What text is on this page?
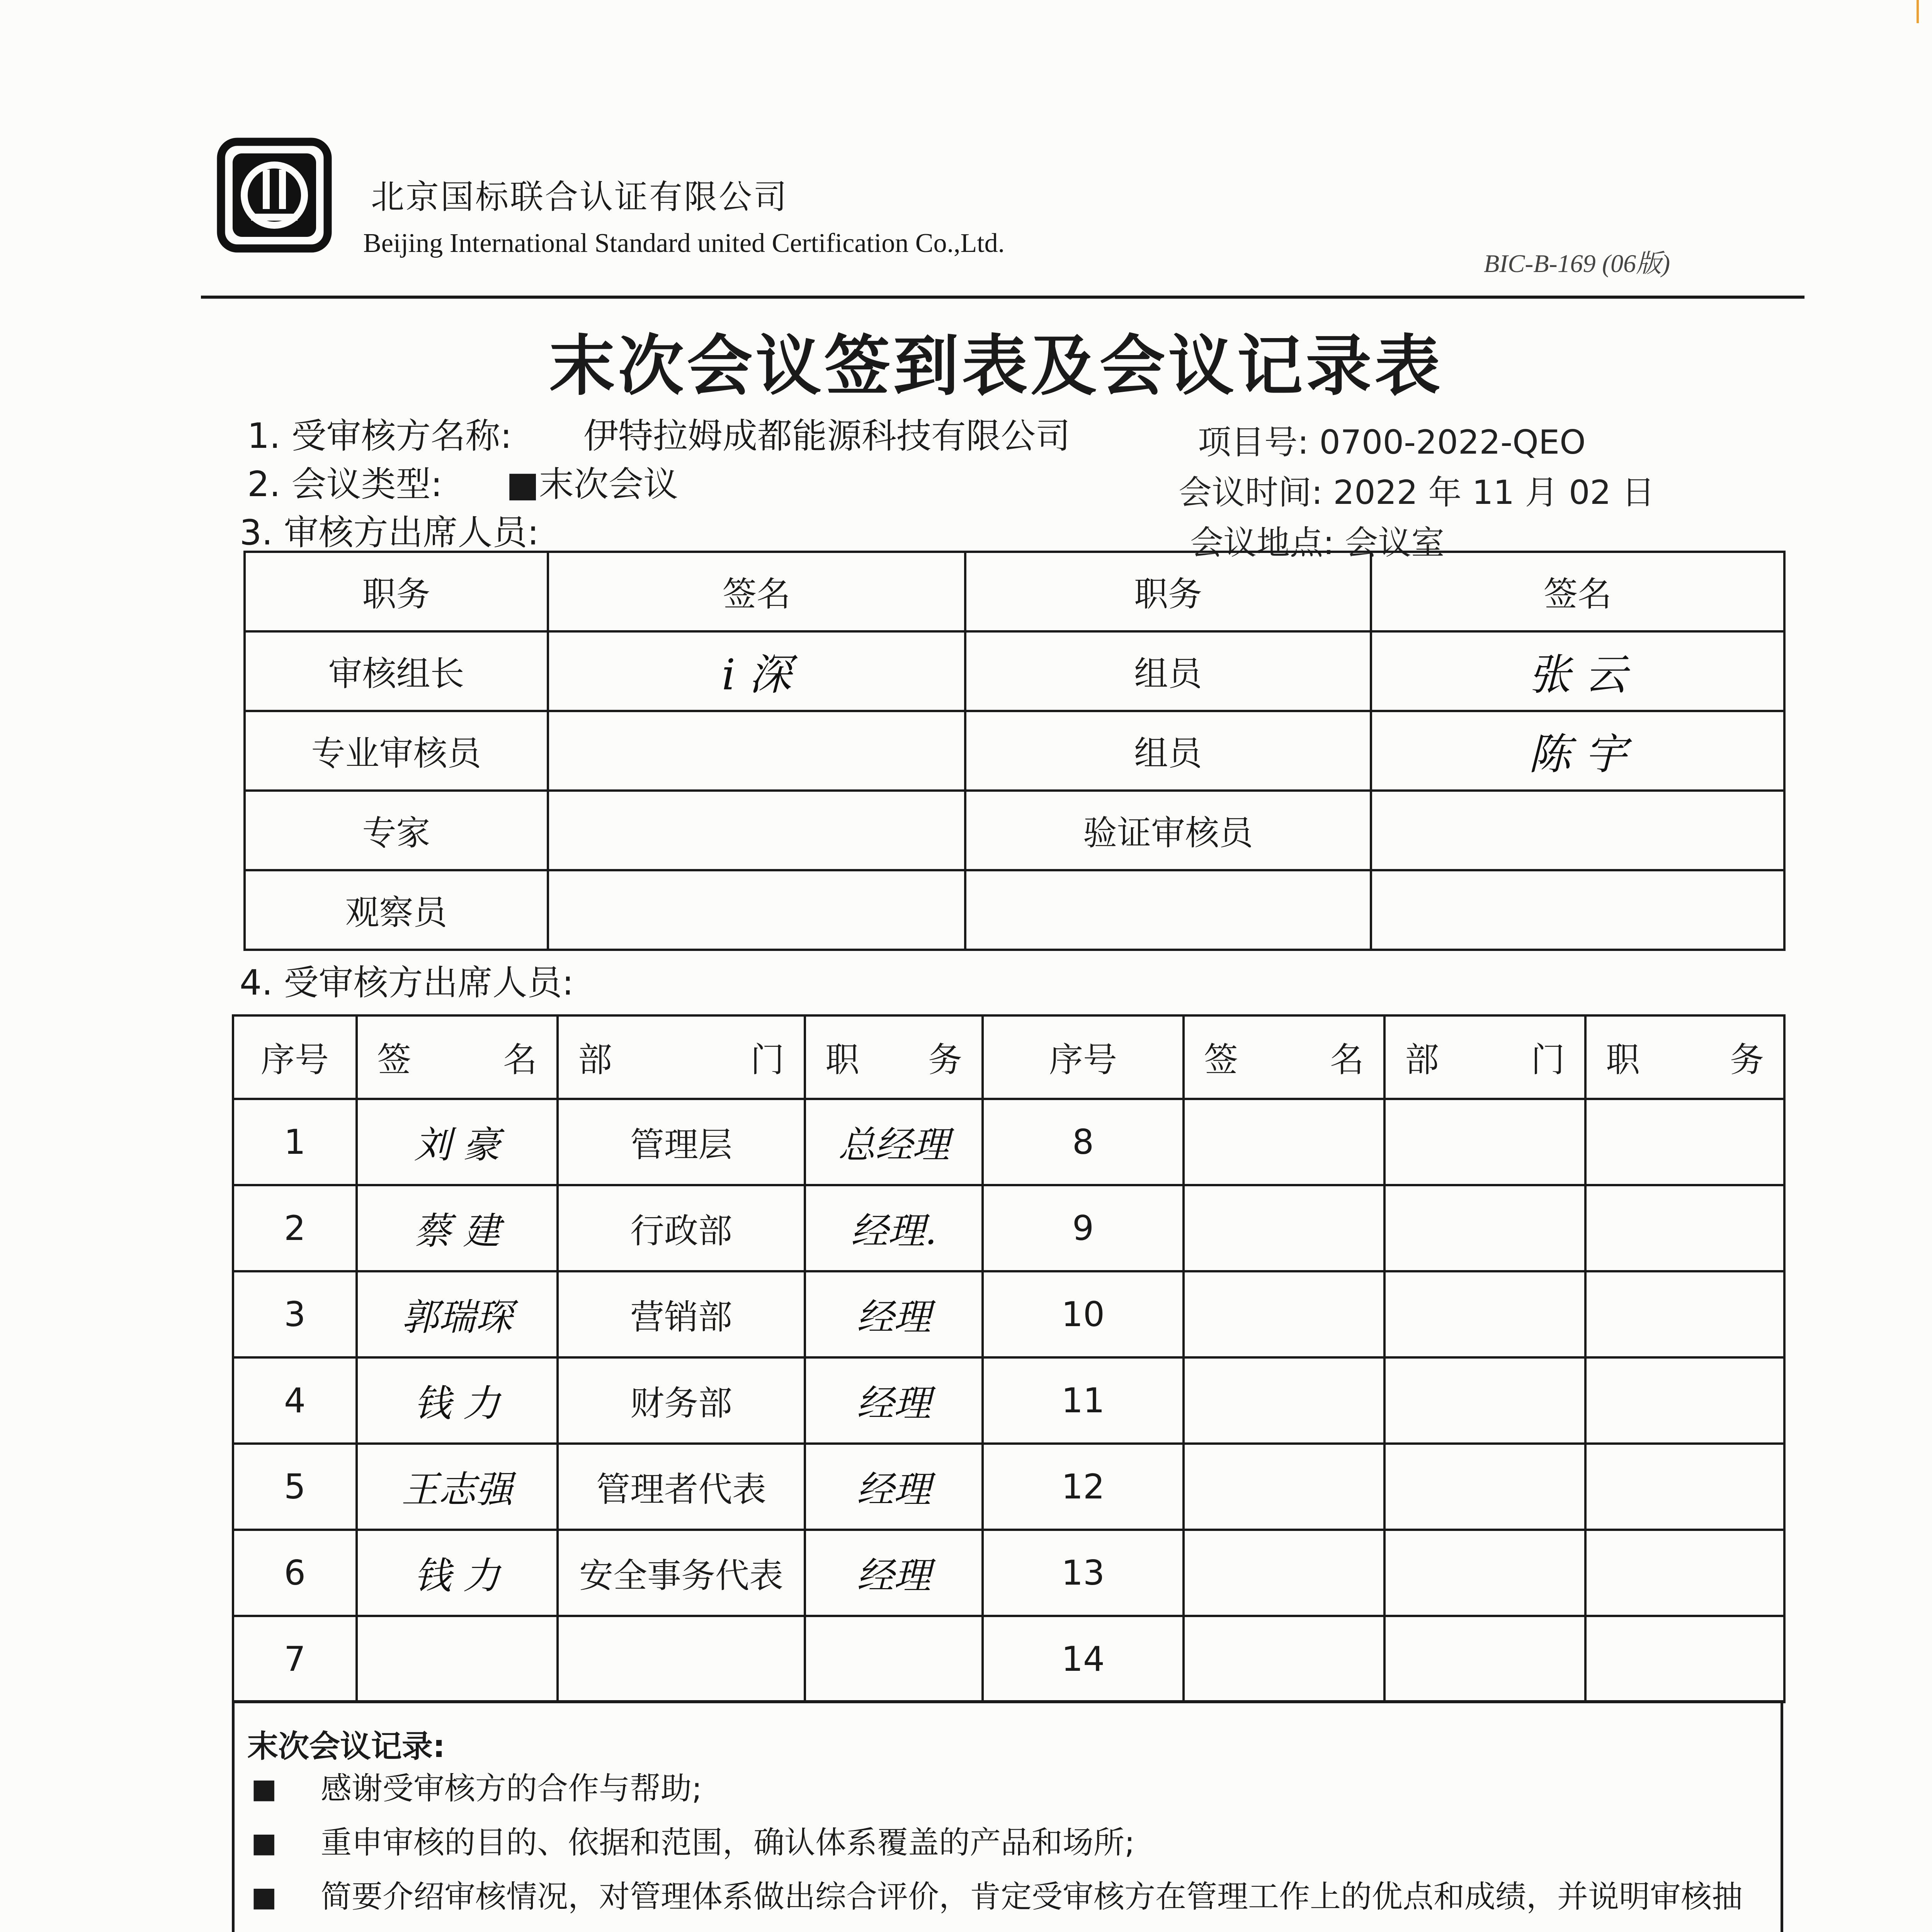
北京国标联合认证有限公司
Beijing International Standard united Certification Co.,Ltd.
BIC-B-169 (06版)
末次会议签到表及会议记录表
1. 受审核方名称: 伊特拉姆成都能源科技有限公司
2. 会议类型: ■末次会议
3. 审核方出席人员:
项目号: 0700-2022-QEO
会议时间: 2022 年 11 月 02 日
会议地点: 会议室
职务	签名	职务	签名
审核组长	ⅰ 深	组员	张 云
专业审核员		组员	陈 宇
专家		验证审核员	
观察员			
4. 受审核方出席人员:
序号	签 名	部 门	职 务	序号	签 名	部 门	职 务

1	刘 豪	管理层	总经理	8			
2	蔡 建	行政部	经理.	9			
3	郭瑞琛	营销部	经理	10			
4	钱 力	财务部	经理	11			
5	王志强	管理者代表	经理	12			
6	钱 力	安全事务代表	经理	13			
7				14			
末次会议记录:
■	感谢受审核方的合作与帮助;
■	重申审核的目的、依据和范围，确认体系覆盖的产品和场所;
■	简要介绍审核情况，对管理体系做出综合评价，肯定受审核方在管理工作上的优点和成绩，并说明审核抽
